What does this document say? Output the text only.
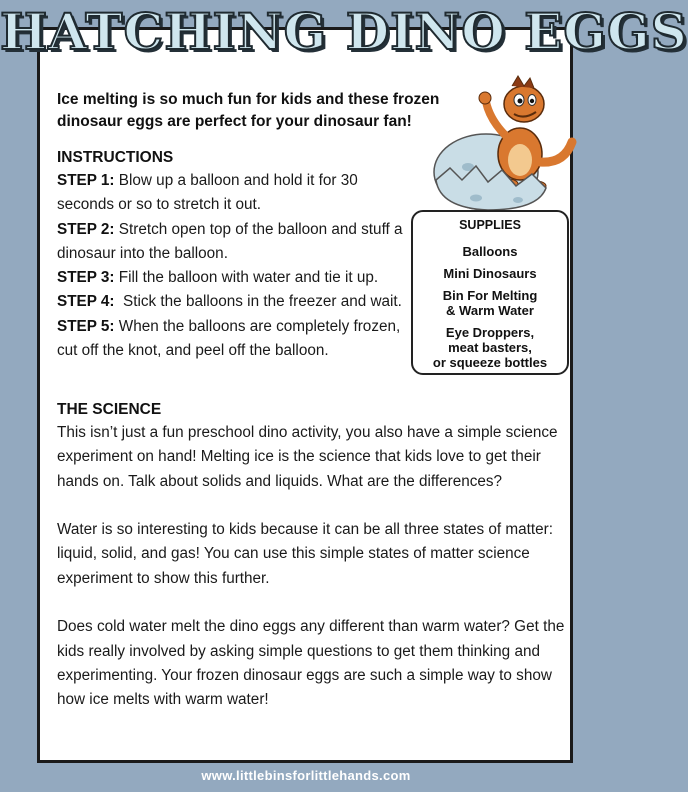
HATCHING DINO EGGS
Ice melting is so much fun for kids and these frozen dinosaur eggs are perfect for your dinosaur fan!
INSTRUCTIONS

STEP 1: Blow up a balloon and hold it for 30 seconds or so to stretch it out.

STEP 2: Stretch open top of the balloon and stuff a dinosaur into the balloon.

STEP 3: Fill the balloon with water and tie it up.

STEP 4:  Stick the balloons in the freezer and wait.

STEP 5: When the balloons are completely frozen, cut off the knot, and peel off the balloon.

SUPPLIES
Balloons
Mini Dinosaurs
Bin For Melting
& Warm Water
Eye Droppers,
meat basters,
or squeeze bottles
THE SCIENCE

This isn’t just a fun preschool dino activity, you also have a simple science experiment on hand! Melting ice is the science that kids love to get their hands on. Talk about solids and liquids. What are the differences?

Water is so interesting to kids because it can be all three states of matter: liquid, solid, and gas! You can use this simple states of matter science experiment to show this further.

Does cold water melt the dino eggs any different than warm water? Get the kids really involved by asking simple questions to get them thinking and experimenting. Your frozen dinosaur eggs are such a simple way to show how ice melts with warm water!

www.littlebinsforlittlehands.com
